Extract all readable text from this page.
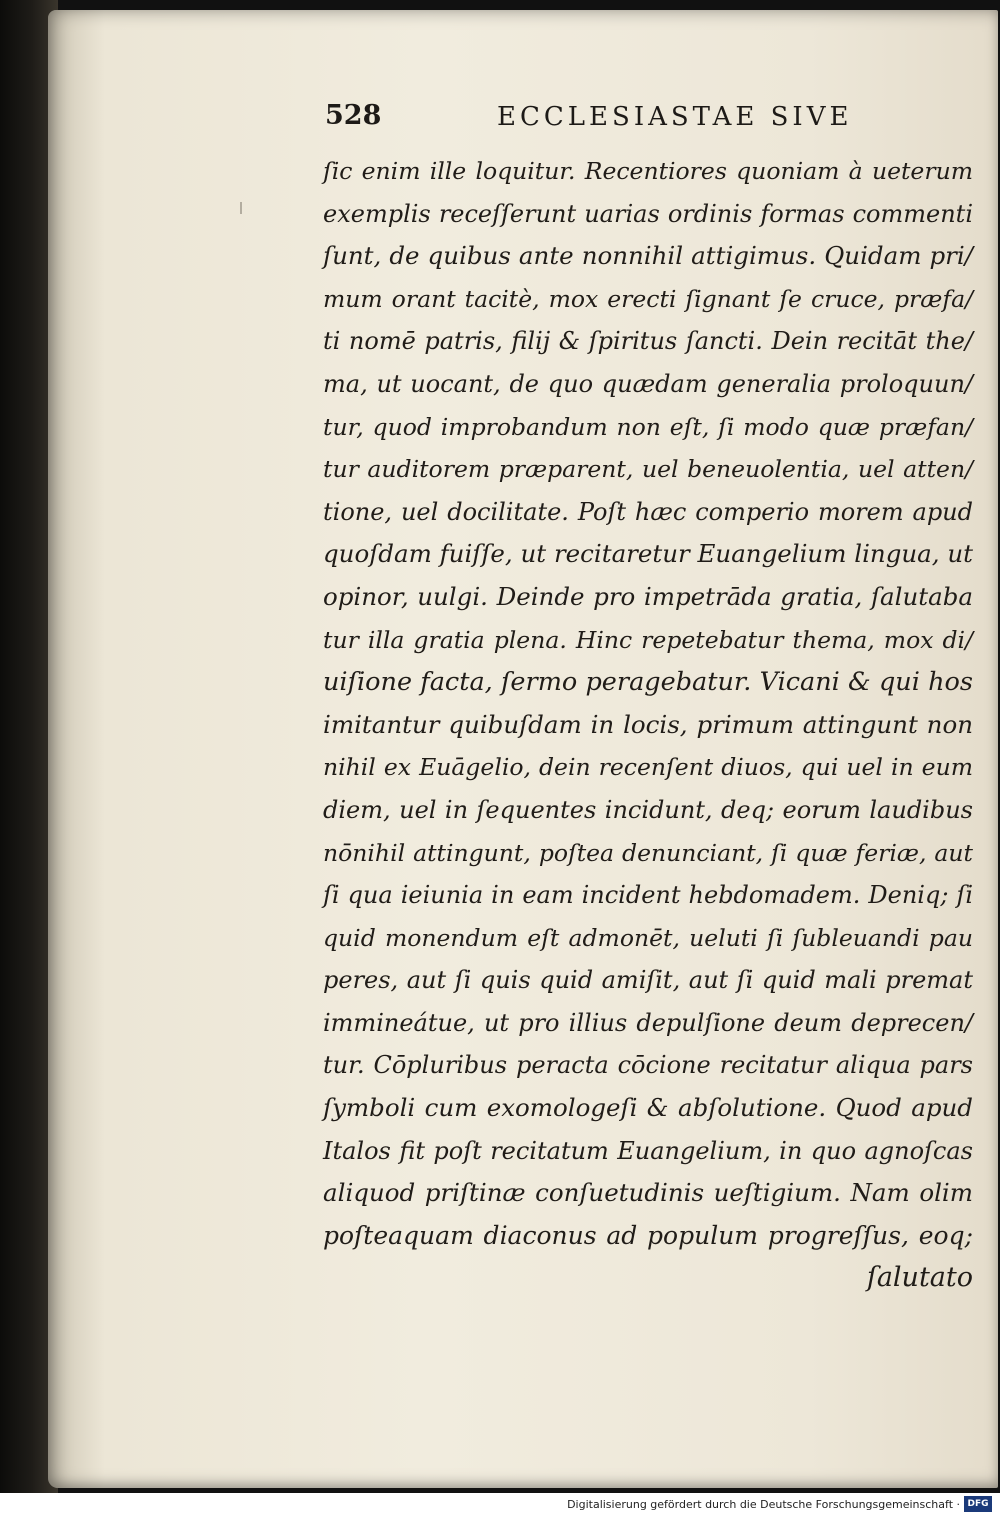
528	ECCLESIASTAE SIVE
ſic enim ille loquitur. Recentiores quoniam à ueterum
exemplis receſſerunt uarias ordinis formas commenti
ſunt, de quibus ante nonnihil attigimus. Quidam pri/
mum orant tacitè, mox erecti ſignant ſe cruce, præfa/
ti nomē patris, filij & ſpiritus ſancti. Dein recitāt the/
ma, ut uocant, de quo quædam generalia proloquun/
tur, quod improbandum non eſt, ſi modo quæ præfan/
tur auditorem præparent, uel beneuolentia, uel atten/
tione, uel docilitate. Poſt hæc comperio morem apud
quoſdam fuiſſe, ut recitaretur Euangelium lingua, ut
opinor, uulgi. Deinde pro impetrāda gratia, ſalutaba
tur illa gratia plena. Hinc repetebatur thema, mox di/
uiſione facta, ſermo peragebatur. Vicani & qui hos
imitantur quibuſdam in locis, primum attingunt non
nihil ex Euāgelio, dein recenſent diuos, qui uel in eum
diem, uel in ſequentes incidunt, deq; eorum laudibus
nōnihil attingunt, poſtea denunciant, ſi quæ feriæ, aut
ſi qua ieiunia in eam incident hebdomadem. Deniq; ſi
quid monendum eſt admonēt, ueluti ſi ſubleuandi pau
peres, aut ſi quis quid amiſit, aut ſi quid mali premat
immineátue, ut pro illius depulſione deum deprecen/
tur. Cōpluribus peracta cōcione recitatur aliqua pars
ſymboli cum exomologeſi & abſolutione. Quod apud
Italos fit poſt recitatum Euangelium, in quo agnoſcas
aliquod priſtinæ conſuetudinis ueſtigium. Nam olim
poſteaquam diaconus ad populum progreſſus, eoq;
ſalutato
Digitalisierung gefördert durch die Deutsche Forschungsgemeinschaft · DFG
